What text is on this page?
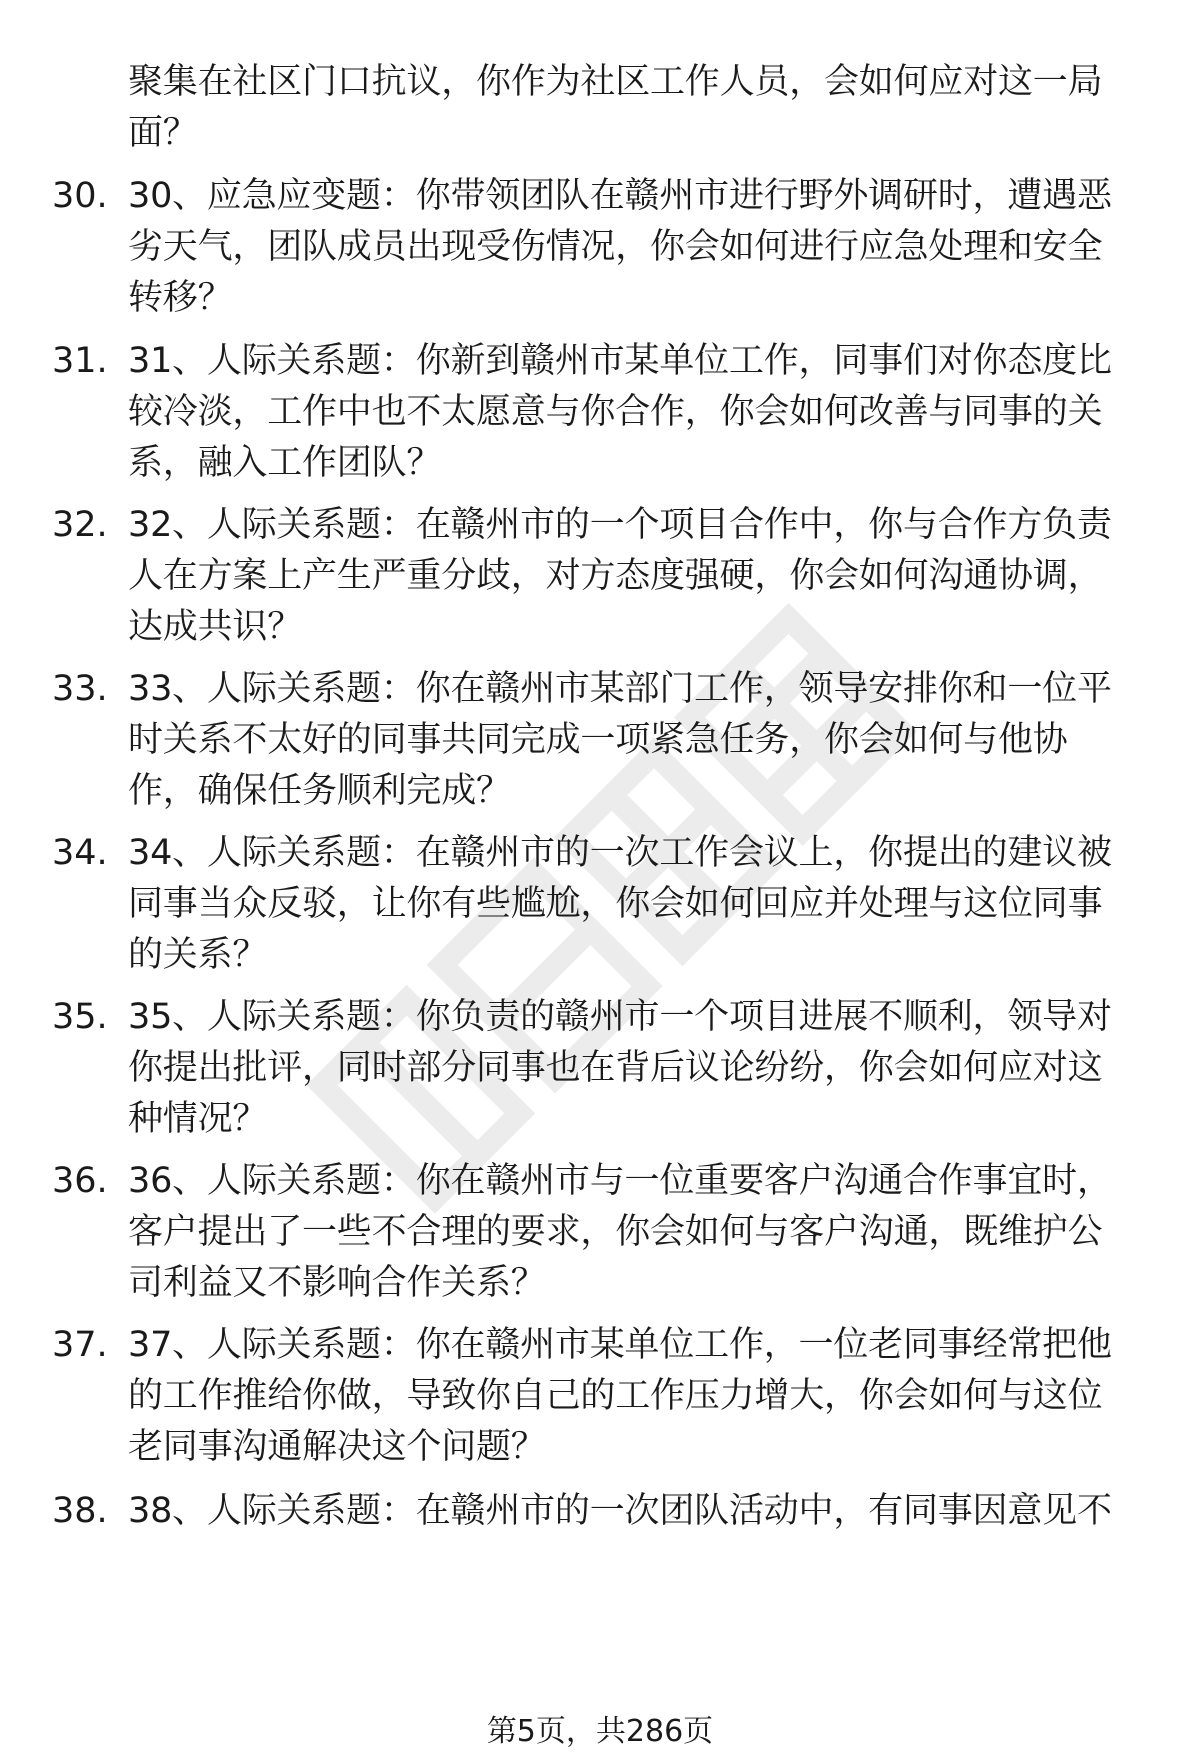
聚集在社区门口抗议，你作为社区工作人员，会如何应对这一局
面？
30. 30、应急应变题：你带领团队在赣州市进行野外调研时，遭遇恶
劣天气，团队成员出现受伤情况，你会如何进行应急处理和安全
转移？
31. 31、人际关系题：你新到赣州市某单位工作，同事们对你态度比
较冷淡，工作中也不太愿意与你合作，你会如何改善与同事的关
系，融入工作团队？
32. 32、人际关系题：在赣州市的一个项目合作中，你与合作方负责
人在方案上产生严重分歧，对方态度强硬，你会如何沟通协调，
达成共识？
33. 33、人际关系题：你在赣州市某部门工作，领导安排你和一位平
时关系不太好的同事共同完成一项紧急任务，你会如何与他协
作，确保任务顺利完成？
34. 34、人际关系题：在赣州市的一次工作会议上，你提出的建议被
同事当众反驳，让你有些尴尬，你会如何回应并处理与这位同事
的关系？
35. 35、人际关系题：你负责的赣州市一个项目进展不顺利，领导对
你提出批评，同时部分同事也在背后议论纷纷，你会如何应对这
种情况？
36. 36、人际关系题：你在赣州市与一位重要客户沟通合作事宜时，
客户提出了一些不合理的要求，你会如何与客户沟通，既维护公
司利益又不影响合作关系？
37. 37、人际关系题：你在赣州市某单位工作，一位老同事经常把他
的工作推给你做，导致你自己的工作压力增大，你会如何与这位
老同事沟通解决这个问题？
38. 38、人际关系题：在赣州市的一次团队活动中，有同事因意见不
第5页，共286页
